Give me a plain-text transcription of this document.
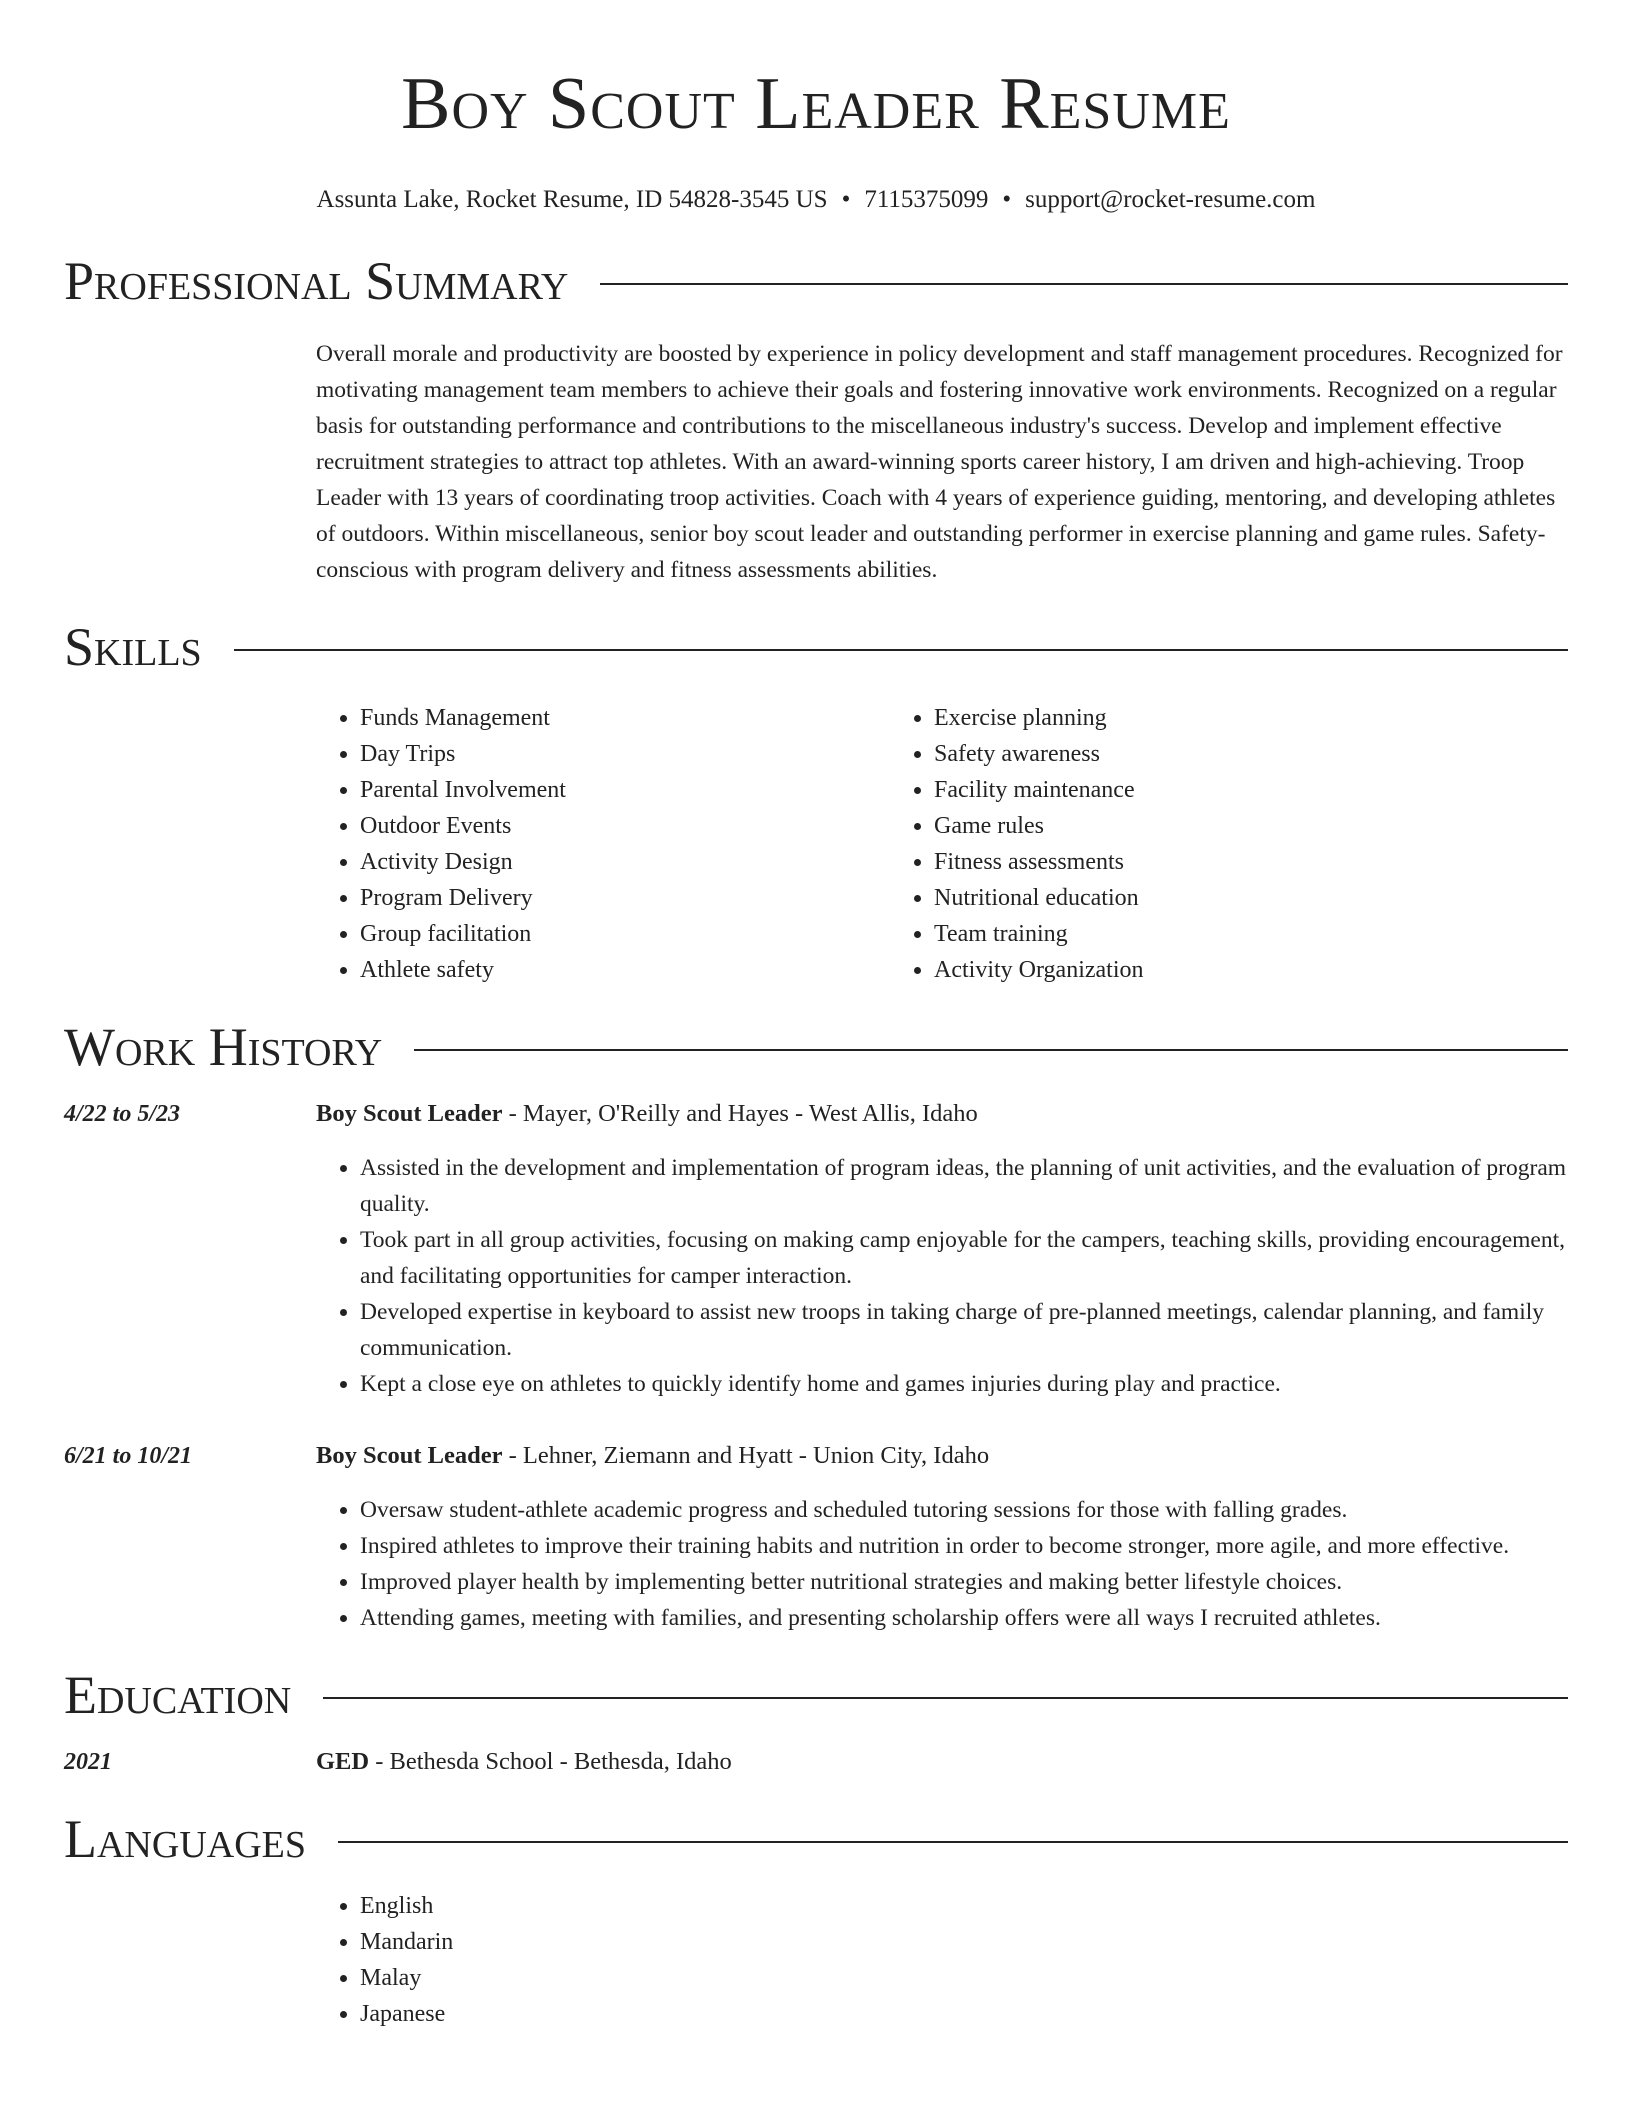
Boy Scout Leader Resume
Assunta Lake, Rocket Resume, ID 54828-3545 US • 7115375099 • support@rocket-resume.com
Professional Summary
Overall morale and productivity are boosted by experience in policy development and staff management procedures. Recognized for motivating management team members to achieve their goals and fostering innovative work environments. Recognized on a regular basis for outstanding performance and contributions to the miscellaneous industry's success. Develop and implement effective recruitment strategies to attract top athletes. With an award-winning sports career history, I am driven and high-achieving. Troop Leader with 13 years of coordinating troop activities. Coach with 4 years of experience guiding, mentoring, and developing athletes of outdoors. Within miscellaneous, senior boy scout leader and outstanding performer in exercise planning and game rules. Safety-conscious with program delivery and fitness assessments abilities.
Skills
• Funds Management
• Day Trips
• Parental Involvement
• Outdoor Events
• Activity Design
• Program Delivery
• Group facilitation
• Athlete safety
• Exercise planning
• Safety awareness
• Facility maintenance
• Game rules
• Fitness assessments
• Nutritional education
• Team training
• Activity Organization
Work History
4/22 to 5/23	Boy Scout Leader - Mayer, O'Reilly and Hayes - West Allis, Idaho
• Assisted in the development and implementation of program ideas, the planning of unit activities, and the evaluation of program quality.
• Took part in all group activities, focusing on making camp enjoyable for the campers, teaching skills, providing encouragement, and facilitating opportunities for camper interaction.
• Developed expertise in keyboard to assist new troops in taking charge of pre-planned meetings, calendar planning, and family communication.
• Kept a close eye on athletes to quickly identify home and games injuries during play and practice.
6/21 to 10/21	Boy Scout Leader - Lehner, Ziemann and Hyatt - Union City, Idaho
• Oversaw student-athlete academic progress and scheduled tutoring sessions for those with falling grades.
• Inspired athletes to improve their training habits and nutrition in order to become stronger, more agile, and more effective.
• Improved player health by implementing better nutritional strategies and making better lifestyle choices.
• Attending games, meeting with families, and presenting scholarship offers were all ways I recruited athletes.
Education
2021	GED - Bethesda School - Bethesda, Idaho
Languages
• English
• Mandarin
• Malay
• Japanese
